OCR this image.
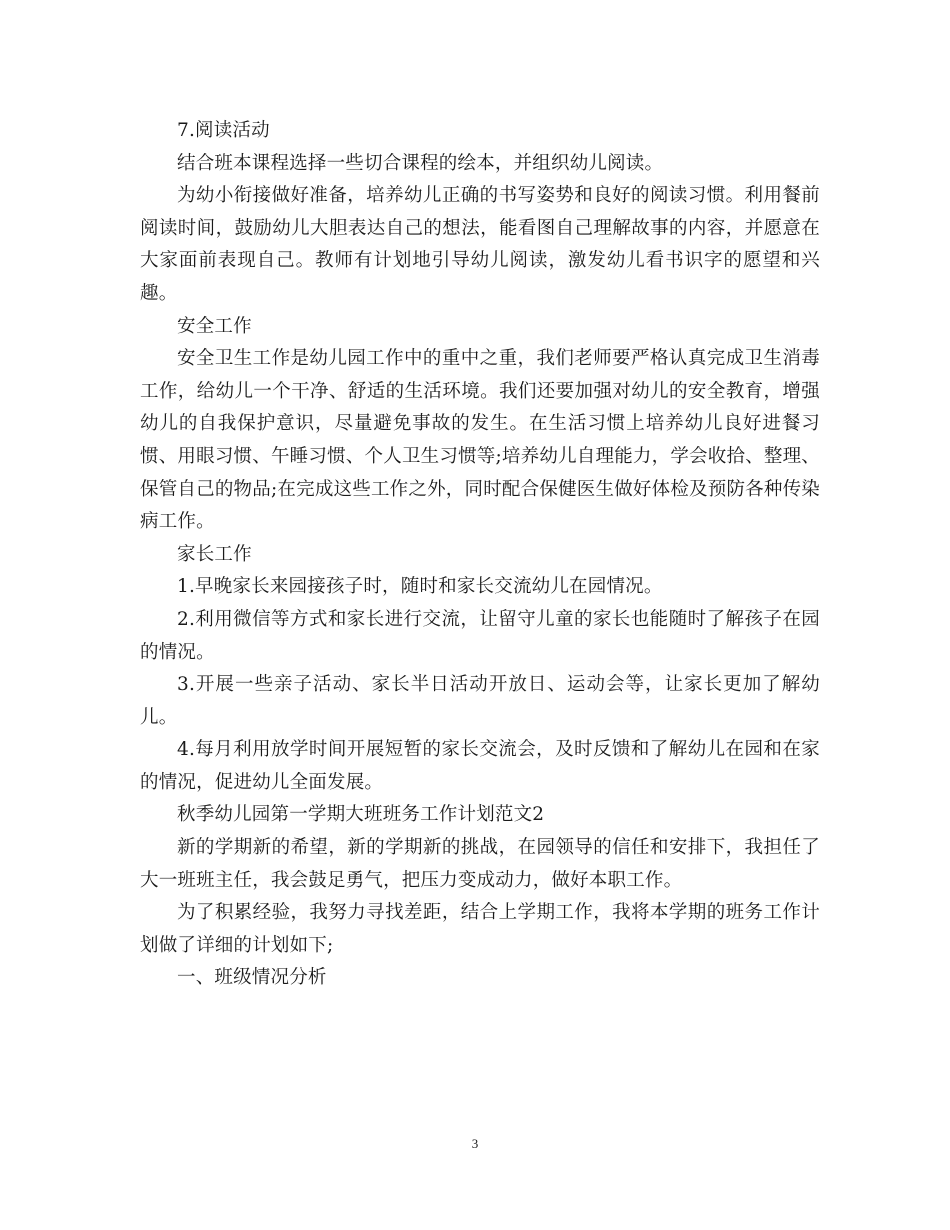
7.阅读活动

结合班本课程选择一些切合课程的绘本，并组织幼儿阅读。

为幼小衔接做好准备，培养幼儿正确的书写姿势和良好的阅读习惯。利用餐前阅读时间，鼓励幼儿大胆表达自己的想法，能看图自己理解故事的内容，并愿意在大家面前表现自己。教师有计划地引导幼儿阅读，激发幼儿看书识字的愿望和兴趣。

安全工作

安全卫生工作是幼儿园工作中的重中之重，我们老师要严格认真完成卫生消毒工作，给幼儿一个干净、舒适的生活环境。我们还要加强对幼儿的安全教育，增强幼儿的自我保护意识，尽量避免事故的发生。在生活习惯上培养幼儿良好进餐习惯、用眼习惯、午睡习惯、个人卫生习惯等;培养幼儿自理能力，学会收拾、整理、保管自己的物品;在完成这些工作之外，同时配合保健医生做好体检及预防各种传染病工作。

家长工作

1.早晚家长来园接孩子时，随时和家长交流幼儿在园情况。

2.利用微信等方式和家长进行交流，让留守儿童的家长也能随时了解孩子在园的情况。

3.开展一些亲子活动、家长半日活动开放日、运动会等，让家长更加了解幼儿。

4.每月利用放学时间开展短暂的家长交流会，及时反馈和了解幼儿在园和在家的情况，促进幼儿全面发展。

秋季幼儿园第一学期大班班务工作计划范文2

新的学期新的希望，新的学期新的挑战，在园领导的信任和安排下，我担任了大一班班主任，我会鼓足勇气，把压力变成动力，做好本职工作。

为了积累经验，我努力寻找差距，结合上学期工作，我将本学期的班务工作计划做了详细的计划如下;

一、班级情况分析

3
